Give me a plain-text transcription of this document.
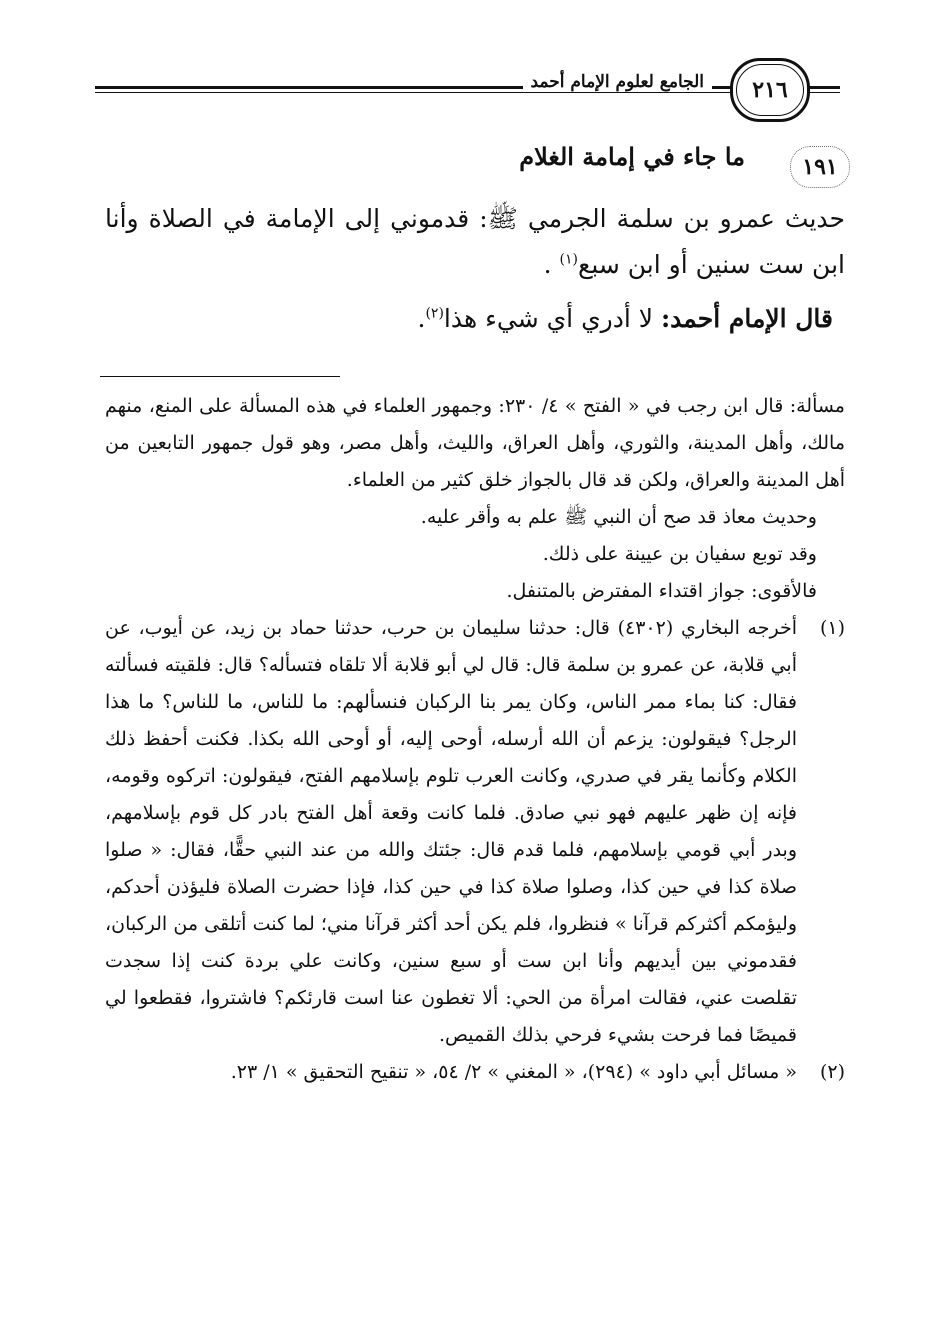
الجامع لعلوم الإمام أحمد	٢١٦
١٩١
ما جاء في إمامة الغلام

حديث عمرو بن سلمة الجرمي ﷺ: قدموني إلى الإمامة في الصلاة وأنا ابن ست سنين أو ابن سبع$^{(١)}$ .

قال الإمام أحمد: لا أدري أي شيء هذا$^{(٢)}$.

مسألة: قال ابن رجب في « الفتح » ٤/ ٢٣٠: وجمهور العلماء في هذه المسألة على المنع، منهم مالك، وأهل المدينة، والثوري، وأهل العراق، والليث، وأهل مصر، وهو قول جمهور التابعين من أهل المدينة والعراق، ولكن قد قال بالجواز خلق كثير من العلماء.

وحديث معاذ قد صح أن النبي ﷺ علم به وأقر عليه.

وقد توبع سفيان بن عيينة على ذلك.

فالأقوى: جواز اقتداء المفترض بالمتنفل.

(١)

أخرجه البخاري (٤٣٠٢) قال: حدثنا سليمان بن حرب، حدثنا حماد بن زيد، عن أيوب، عن أبي قلابة، عن عمرو بن سلمة قال: قال لي أبو قلابة ألا تلقاه فتسأله؟ قال: فلقيته فسألته فقال: كنا بماء ممر الناس، وكان يمر بنا الركبان فنسألهم: ما للناس، ما للناس؟ ما هذا الرجل؟ فيقولون: يزعم أن الله أرسله، أوحى إليه، أو أوحى الله بكذا. فكنت أحفظ ذلك الكلام وكأنما يقر في صدري، وكانت العرب تلوم بإسلامهم الفتح، فيقولون: اتركوه وقومه، فإنه إن ظهر عليهم فهو نبي صادق. فلما كانت وقعة أهل الفتح بادر كل قوم بإسلامهم، وبدر أبي قومي بإسلامهم، فلما قدم قال: جئتك والله من عند النبي حقًّا، فقال: « صلوا صلاة كذا في حين كذا، وصلوا صلاة كذا في حين كذا، فإذا حضرت الصلاة فليؤذن أحدكم، وليؤمكم أكثركم قرآنا » فنظروا، فلم يكن أحد أكثر قرآنا مني؛ لما كنت أتلقى من الركبان، فقدموني بين أيديهم وأنا ابن ست أو سبع سنين، وكانت علي بردة كنت إذا سجدت تقلصت عني، فقالت امرأة من الحي: ألا تغطون عنا است قارئكم؟ فاشتروا، فقطعوا لي قميصًا فما فرحت بشيء فرحي بذلك القميص.

(٢)

« مسائل أبي داود » (٢٩٤)، « المغني » ٢/ ٥٤، « تنقيح التحقيق » ١/ ٢٣.
